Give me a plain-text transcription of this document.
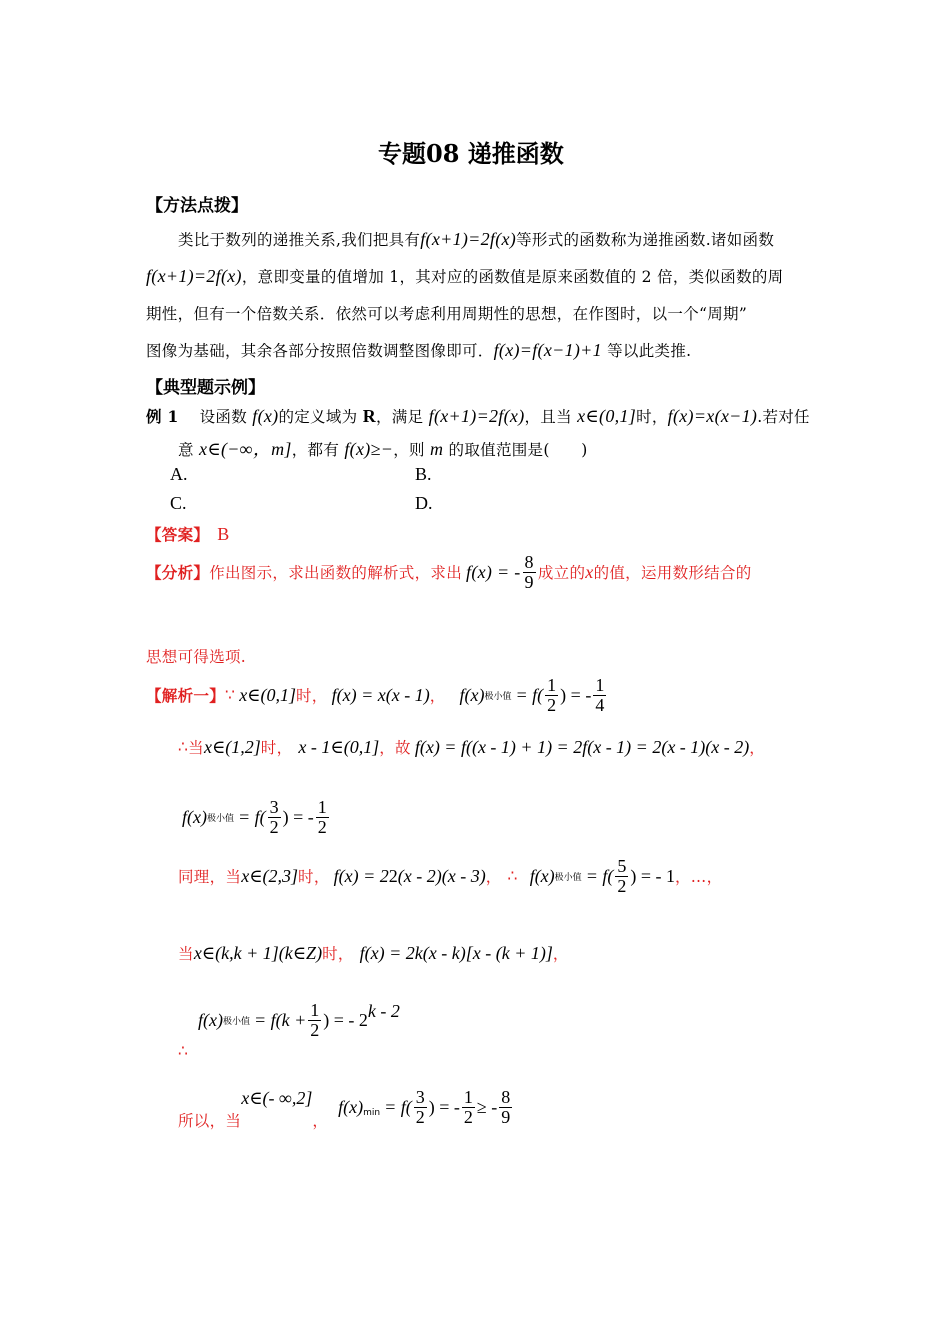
专题08 递推函数
【方法点拨】
类比于数列的递推关系,我们把具有f(x+1)=2f(x)等形式的函数称为递推函数.诸如函数
f(x+1)=2f(x)，意即变量的值增加 1，其对应的函数值是原来函数值的 2 倍，类似函数的周
期性，但有一个倍数关系．依然可以考虑利用周期性的思想，在作图时，以一个“周期”
图像为基础，其余各部分按照倍数调整图像即可．f(x)=f(x−1)+1 等以此类推.
【典型题示例】
例 1　 设函数 f(x)的定义域为 R，满足 f(x+1)=2f(x)，且当 x∈(0,1]时，f(x)=x(x−1).若对任
意 x∈(−∞，m]，都有 f(x)≥−，则 m 的取值范围是(　　)
A.	B.
C.	D.
【答案】　 B
【分析】 作出图示，求出函数的解析式，求出 f(x) = - $\frac{8}{9}$ 成立的 x 的值，运用数形结合的
思想可得选项.
【解析一】 ∵ x∈(0,1] 时， f(x) = x(x - 1) ， f(x) 极小值 = $f( \frac{1}{2}$ ) = - $\frac{1}{4}$
∴ 当 x∈(1,2] 时， x - 1∈(0,1] ，故 f(x) = f((x - 1) + 1) = 2f(x - 1) = 2(x - 1)(x - 2) ，
f(x) 极小值 = $f( \frac{3}{2}$ ) = - $\frac{1}{2}$
同理，当 x∈(2,3] 时， f(x) = 2 2 (x - 2)(x - 3) ， ∴ f(x) 极小值 = $f( \frac{5}{2}$ ) = - 1 ，…，
当 x∈(k,k + 1](k∈Z) 时， f(x) = 2 k (x - k)[x - (k + 1)] ，
f(x) 极小值 = $f(k + \frac{1}{2}$ ) = - 2 k - 2
∴
所以，当
x∈(- ∞,2]
，
f(x) $\min = f( \frac{3}{2}$ ) = - $\frac{1}{2}$ ≥ - $\frac{8}{9}$
